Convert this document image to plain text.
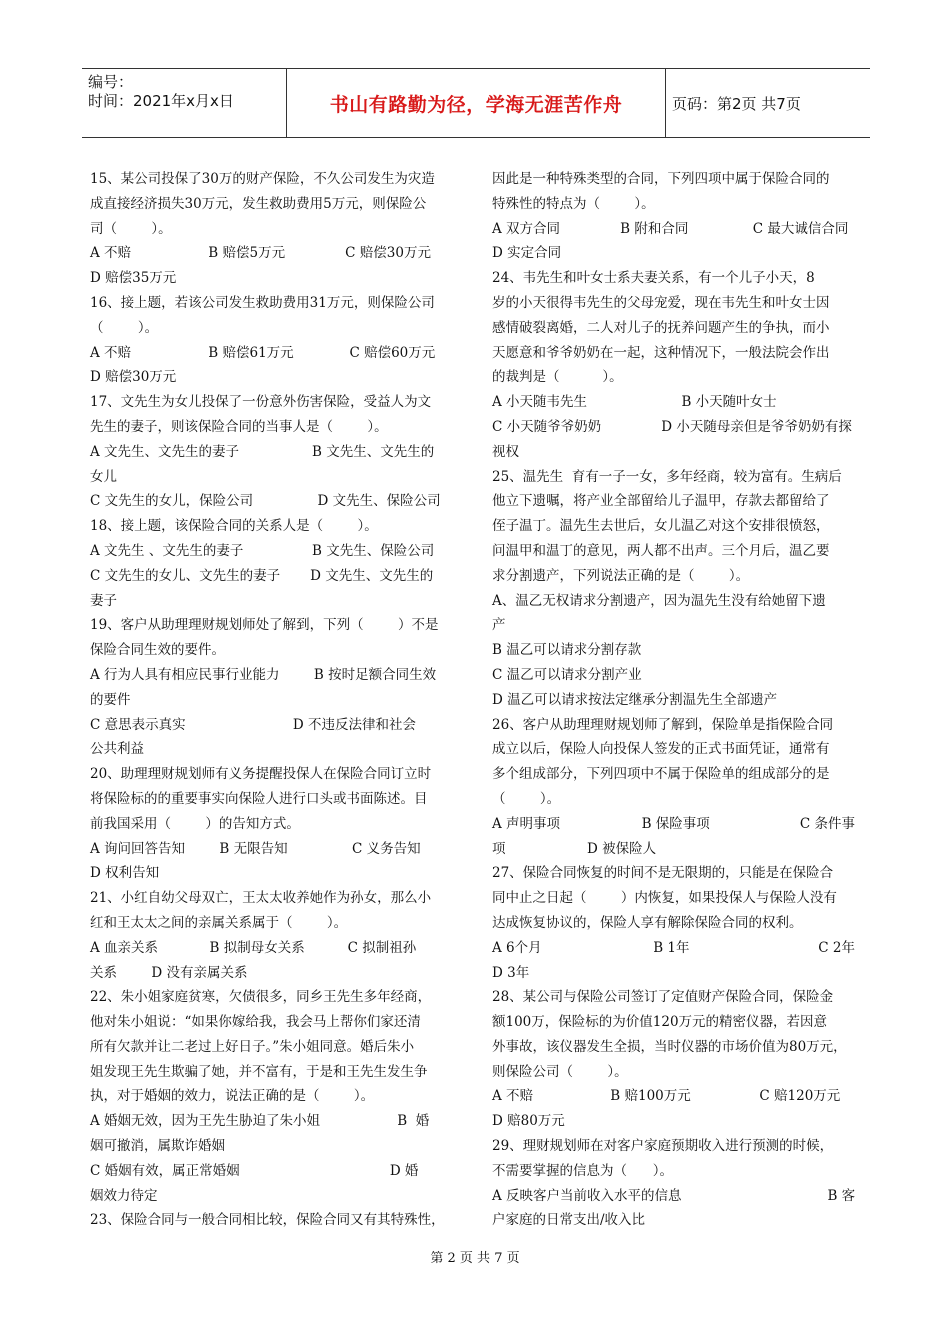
编号：
时间：2021年x月x日	书山有路勤为径，学海无涯苦作舟	页码：第2页 共7页

15、某公司投保了30万的财产保险，不久公司发生为灾造

成直接经济损失30万元，发生救助费用5万元，则保险公

司（        ）。

A 不赔                  B 赔偿5万元              C 赔偿30万元

D 赔偿35万元

16、接上题，若该公司发生救助费用31万元，则保险公司

（        ）。

A 不赔                  B 赔偿61万元             C 赔偿60万元

D 赔偿30万元

17、文先生为女儿投保了一份意外伤害保险，受益人为文

先生的妻子，则该保险合同的当事人是（        ）。

A 文先生、文先生的妻子                 B 文先生、文先生的

女儿

C 文先生的女儿，保险公司               D 文先生、保险公司

18、接上题，该保险合同的关系人是（        ）。

A 文先生 、文先生的妻子                B 文先生、保险公司

C 文先生的女儿、文先生的妻子       D 文先生、文先生的

妻子

19、客户从助理理财规划师处了解到，下列（        ）不是

保险合同生效的要件。

A 行为人具有相应民事行业能力        B 按时足额合同生效

的要件

C 意思表示真实                         D 不违反法律和社会

公共利益

20、助理理财规划师有义务提醒投保人在保险合同订立时

将保险标的的重要事实向保险人进行口头或书面陈述。目

前我国采用（        ）的告知方式。

A 询问回答告知        B 无限告知               C 义务告知

D 权利告知

21、小红自幼父母双亡，王太太收养她作为孙女，那么小

红和王太太之间的亲属关系属于（        ）。

A 血亲关系            B 拟制母女关系          C 拟制祖孙

关系        D 没有亲属关系

22、朱小姐家庭贫寒，欠债很多，同乡王先生多年经商，

他对朱小姐说：“如果你嫁给我，我会马上帮你们家还清

所有欠款并让二老过上好日子。”朱小姐同意。婚后朱小

姐发现王先生欺骗了她，并不富有，于是和王先生发生争

执，对于婚姻的效力，说法正确的是（        ）。

A 婚姻无效，因为王先生胁迫了朱小姐                  B  婚

姻可撤消，属欺诈婚姻

C 婚姻有效，属正常婚姻                                   D 婚

姻效力待定

23、保险合同与一般合同相比较，保险合同又有其特殊性，

因此是一种特殊类型的合同，下列四项中属于保险合同的

特殊性的特点为（        ）。

A 双方合同              B 附和合同               C 最大诚信合同

D 实定合同

24、韦先生和叶女士系夫妻关系，有一个儿子小天，8

岁的小天很得韦先生的父母宠爱，现在韦先生和叶女士因

感情破裂离婚，二人对儿子的抚养问题产生的争执，而小

天愿意和爷爷奶奶在一起，这种情况下，一般法院会作出

的裁判是（          ）。

A 小天随韦先生                      B 小天随叶女士

C 小天随爷爷奶奶              D 小天随母亲但是爷爷奶奶有探

视权

25、温先生  育有一子一女，多年经商，较为富有。生病后

他立下遗嘱，将产业全部留给儿子温甲，存款去都留给了

侄子温丁。温先生去世后，女儿温乙对这个安排很愤怒，

问温甲和温丁的意见，两人都不出声。三个月后，温乙要

求分割遗产，下列说法正确的是（        ）。

A、温乙无权请求分割遗产，因为温先生没有给她留下遗

产

B 温乙可以请求分割存款

C 温乙可以请求分割产业

D 温乙可以请求按法定继承分割温先生全部遗产

26、客户从助理理财规划师了解到，保险单是指保险合同

成立以后，保险人向投保人签发的正式书面凭证，通常有

多个组成部分，下列四项中不属于保险单的组成部分的是

（        ）。

A 声明事项                   B 保险事项                     C 条件事

项                   D 被保险人

27、保险合同恢复的时间不是无限期的，只能是在保险合

同中止之日起（        ）内恢复，如果投保人与保险人没有

达成恢复协议的，保险人享有解除保险合同的权利。

A 6个月                          B 1年                              C 2年

D 3年

28、某公司与保险公司签订了定值财产保险合同，保险金

额100万，保险标的为价值120万元的精密仪器，若因意

外事故，该仪器发生全损，当时仪器的市场价值为80万元，

则保险公司（        ）。

A 不赔                  B 赔100万元                C 赔120万元

D 赔80万元

29、理财规划师在对客户家庭预期收入进行预测的时候，

不需要掌握的信息为（      ）。

A 反映客户当前收入水平的信息                                  B 客

户家庭的日常支出/收入比

第 2 页 共 7 页
